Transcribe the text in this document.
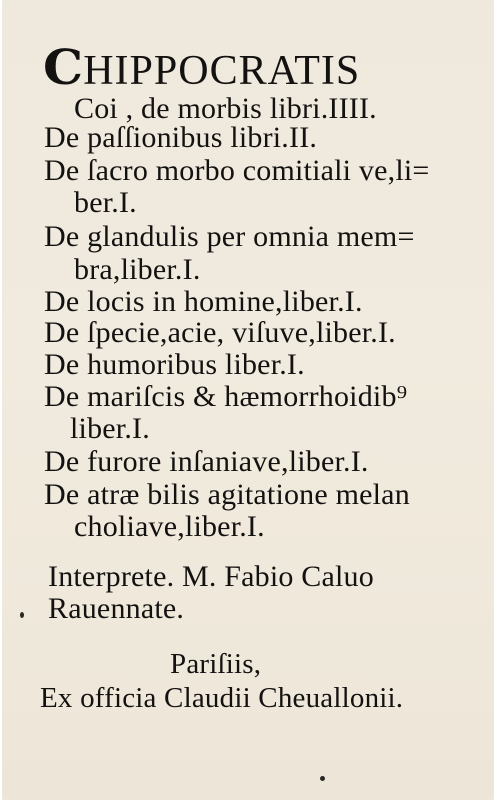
CHIPPOCRATIS
Coi , de morbis libri.IIII.
De paſſionibus libri.II.
De ſacro morbo comitiali ve,li=
ber.I.
De glandulis per omnia mem=
bra,liber.I.
De locis in homine,liber.I.
De ſpecie,acie, viſuve,liber.I.
De humoribus liber.I.
De mariſcis & hæmorrhoidib⁹
liber.I.
De furore inſaniave,liber.I.
De atræ bilis agitatione melan
choliave,liber.I.
Interprete. M. Fabio Caluo
Rauennate.
Pariſiis,
Ex officia Claudii Cheuallonii.
